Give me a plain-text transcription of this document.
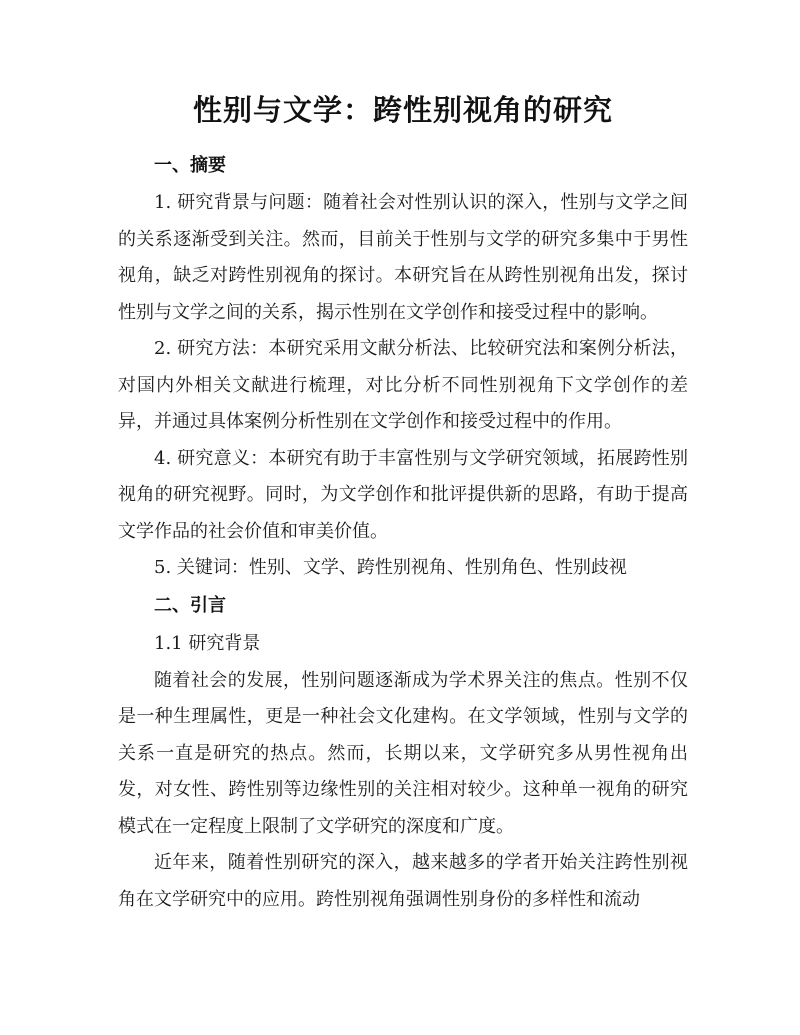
性别与文学：跨性别视角的研究
一、摘要

1. 研究背景与问题：随着社会对性别认识的深入，性别与文学之间的关系逐渐受到关注。然而，目前关于性别与文学的研究多集中于男性视角，缺乏对跨性别视角的探讨。本研究旨在从跨性别视角出发，探讨性别与文学之间的关系，揭示性别在文学创作和接受过程中的影响。

2. 研究方法：本研究采用文献分析法、比较研究法和案例分析法，对国内外相关文献进行梳理，对比分析不同性别视角下文学创作的差异，并通过具体案例分析性别在文学创作和接受过程中的作用。

4. 研究意义：本研究有助于丰富性别与文学研究领域，拓展跨性别视角的研究视野。同时，为文学创作和批评提供新的思路，有助于提高文学作品的社会价值和审美价值。

5. 关键词：性别、文学、跨性别视角、性别角色、性别歧视

二、引言
1.1 研究背景

随着社会的发展，性别问题逐渐成为学术界关注的焦点。性别不仅是一种生理属性，更是一种社会文化建构。在文学领域，性别与文学的关系一直是研究的热点。然而，长期以来，文学研究多从男性视角出发，对女性、跨性别等边缘性别的关注相对较少。这种单一视角的研究模式在一定程度上限制了文学研究的深度和广度。

近年来，随着性别研究的深入，越来越多的学者开始关注跨性别视角在文学研究中的应用。跨性别视角强调性别身份的多样性和流动
